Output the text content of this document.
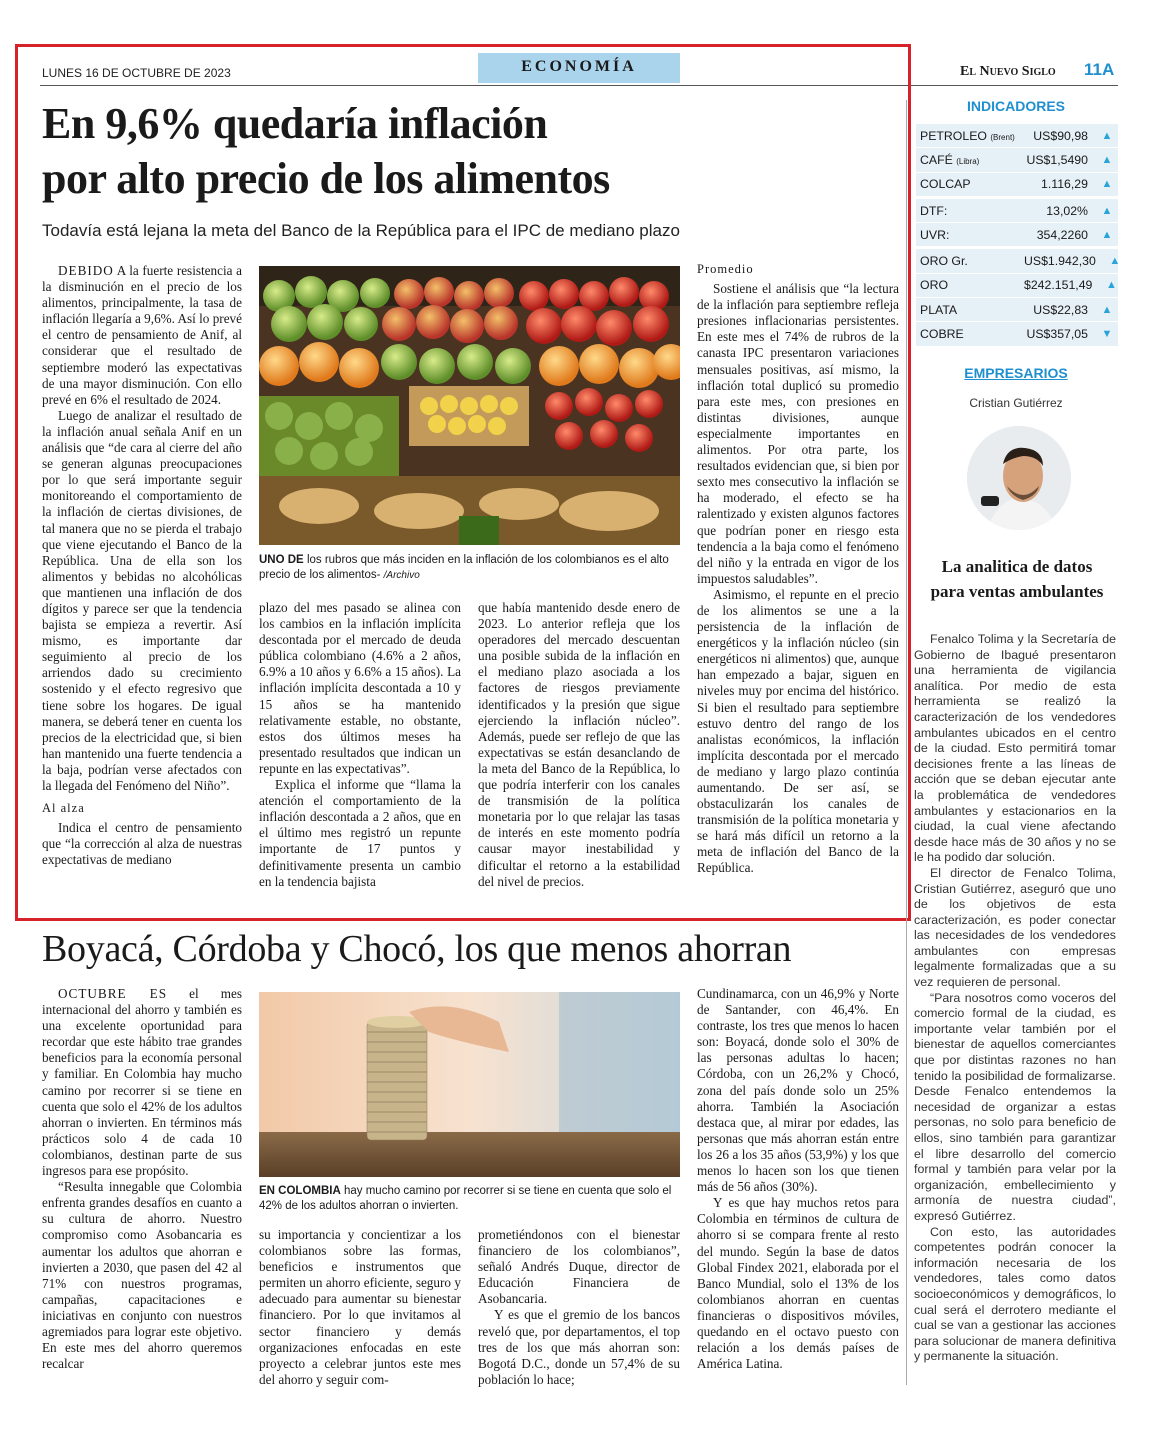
LUNES 16 DE OCTUBRE DE 2023	ECONOMÍA	El Nuevo Siglo 11A
En 9,6% quedaría inflación
por alto precio de los alimentos
Todavía está lejana la meta del Banco de la República para el IPC de mediano plazo

DEBIDO A la fuerte resistencia a la disminución en el precio de los alimentos, principalmente, la tasa de inflación llegaría a 9,6%. Así lo prevé el centro de pensamiento de Anif, al considerar que el resultado de septiembre moderó las expectativas de una mayor disminución. Con ello prevé en 6% el resultado de 2024.

Luego de analizar el resultado de la inflación anual señala Anif en un análisis que “de cara al cierre del año se generan algunas preocupaciones por lo que será importante seguir monitoreando el comportamiento de la inflación de ciertas divisiones, de tal manera que no se pierda el trabajo que viene ejecutando el Banco de la República. Una de ella son los alimentos y bebidas no alcohólicas que mantienen una inflación de dos dígitos y parece ser que la tendencia bajista se empieza a revertir. Así mismo, es importante dar seguimiento al precio de los arriendos dado su crecimiento sostenido y el efecto regresivo que tiene sobre los hogares. De igual manera, se deberá tener en cuenta los precios de la electricidad que, si bien han mantenido una fuerte tendencia a la baja, podrían verse afectados con la llegada del Fenómeno del Niño”.

Al alza

Indica el centro de pensamiento que “la corrección al alza de nuestras expectativas de mediano

UNO DE los rubros que más inciden en la inflación de los colombianos es el alto precio de los alimentos- /Archivo

plazo del mes pasado se alinea con los cambios en la inflación implícita descontada por el mercado de deuda pública colombiano (4.6% a 2 años, 6.9% a 10 años y 6.6% a 15 años). La inflación implícita descontada a 10 y 15 años se ha mantenido relativamente estable, no obstante, estos dos últimos meses ha presentado resultados que indican un repunte en las expectativas”.

Explica el informe que “llama la atención el comportamiento de la inflación descontada a 2 años, que en el último mes registró un repunte importante de 17 puntos y definitivamente presenta un cambio en la tendencia bajista

que había mantenido desde enero de 2023. Lo anterior refleja que los operadores del mercado descuentan una posible subida de la inflación en el mediano plazo asociada a los factores de riesgos previamente identificados y la presión que sigue ejerciendo la inflación núcleo”. Además, puede ser reflejo de que las expectativas se están desanclando de la meta del Banco de la República, lo que podría interferir con los canales de transmisión de la política monetaria por lo que relajar las tasas de interés en este momento podría causar mayor inestabilidad y dificultar el retorno a la estabilidad del nivel de precios.

Promedio

Sostiene el análisis que “la lectura de la inflación para septiembre refleja presiones inflacionarias persistentes. En este mes el 74% de rubros de la canasta IPC presentaron variaciones mensuales positivas, así mismo, la inflación total duplicó su promedio para este mes, con presiones en distintas divisiones, aunque especialmente importantes en alimentos. Por otra parte, los resultados evidencian que, si bien por sexto mes consecutivo la inflación se ha moderado, el efecto se ha ralentizado y existen algunos factores que podrían poner en riesgo esta tendencia a la baja como el fenómeno del niño y la entrada en vigor de los impuestos saludables”.

Asimismo, el repunte en el precio de los alimentos se une a la persistencia de la inflación de energéticos y la inflación núcleo (sin energéticos ni alimentos) que, aunque han empezado a bajar, siguen en niveles muy por encima del histórico. Si bien el resultado para septiembre estuvo dentro del rango de los analistas económicos, la inflación implícita descontada por el mercado de mediano y largo plazo continúa aumentando. De ser así, se obstaculizarán los canales de transmisión de la política monetaria y se hará más difícil un retorno a la meta de inflación del Banco de la República.

Boyacá, Córdoba y Chocó, los que menos ahorran

OCTUBRE ES el mes internacional del ahorro y también es una excelente oportunidad para recordar que este hábito trae grandes beneficios para la economía personal y familiar. En Colombia hay mucho camino por recorrer si se tiene en cuenta que solo el 42% de los adultos ahorran o invierten. En términos más prácticos solo 4 de cada 10 colombianos, destinan parte de sus ingresos para ese propósito.

“Resulta innegable que Colombia enfrenta grandes desafíos en cuanto a su cultura de ahorro. Nuestro compromiso como Asobancaria es aumentar los adultos que ahorran e invierten a 2030, que pasen del 42 al 71% con nuestros programas, campañas, capacitaciones e iniciativas en conjunto con nuestros agremiados para lograr este objetivo. En este mes del ahorro queremos recalcar

EN COLOMBIA hay mucho camino por recorrer si se tiene en cuenta que solo el 42% de los adultos ahorran o invierten.

su importancia y concientizar a los colombianos sobre las formas, beneficios e instrumentos que permiten un ahorro eficiente, seguro y adecuado para aumentar su bienestar financiero. Por lo que invitamos al sector financiero y demás organizaciones enfocadas en este proyecto a celebrar juntos este mes del ahorro y seguir com-

prometiéndonos con el bienestar financiero de los colombianos”, señaló Andrés Duque, director de Educación Financiera de Asobancaria.

Y es que el gremio de los bancos reveló que, por departamentos, el top tres de los que más ahorran son: Bogotá D.C., donde un 57,4% de su población lo hace;

Cundinamarca, con un 46,9% y Norte de Santander, con 46,4%. En contraste, los tres que menos lo hacen son: Boyacá, donde solo el 30% de las personas adultas lo hacen; Córdoba, con un 26,2% y Chocó, zona del país donde solo un 25% ahorra. También la Asociación destaca que, al mirar por edades, las personas que más ahorran están entre los 26 a los 35 años (53,9%) y los que menos lo hacen son los que tienen más de 56 años (30%).

Y es que hay muchos retos para Colombia en términos de cultura de ahorro si se compara frente al resto del mundo. Según la base de datos Global Findex 2021, elaborada por el Banco Mundial, solo el 13% de los colombianos ahorran en cuentas financieras o dispositivos móviles, quedando en el octavo puesto con relación a los demás países de América Latina.

INDICADORES
PETROLEO (Brent)	US$90,98	▲
CAFÉ (Libra)	US$1,5490	▲
COLCAP	1.116,29	▲
DTF:	13,02%	▲
UVR:	354,2260	▲
ORO Gr.	US$1.942,30	▲
ORO	$242.151,49	▲
PLATA	US$22,83	▲
COBRE	US$357,05	▼
EMPRESARIOS
Cristian Gutiérrez
La analitica de datos para ventas ambulantes

Fenalco Tolima y la Secretaría de Gobierno de Ibagué presentaron una herramienta de vigilancia analítica. Por medio de esta herramienta se realizó la caracterización de los vendedores ambulantes ubicados en el centro de la ciudad. Esto permitirá tomar decisiones frente a las líneas de acción que se deban ejecutar ante la problemática de vendedores ambulantes y estacionarios en la ciudad, la cual viene afectando desde hace más de 30 años y no se le ha podido dar solución.

El director de Fenalco Tolima, Cristian Gutiérrez, aseguró que uno de los objetivos de esta caracterización, es poder conectar las necesidades de los vendedores ambulantes con empresas legalmente formalizadas que a su vez requieren de personal.

“Para nosotros como voceros del comercio formal de la ciudad, es importante velar también por el bienestar de aquellos comerciantes que por distintas razones no han tenido la posibilidad de formalizarse. Desde Fenalco entendemos la necesidad de organizar a estas personas, no solo para beneficio de ellos, sino también para garantizar el libre desarrollo del comercio formal y también para velar por la organización, embellecimiento y armonía de nuestra ciudad”, expresó Gutiérrez.

Con esto, las autoridades competentes podrán conocer la información necesaria de los vendedores, tales como datos socioeconómicos y demográficos, lo cual será el derrotero mediante el cual se van a gestionar las acciones para solucionar de manera definitiva y permanente la situación.
